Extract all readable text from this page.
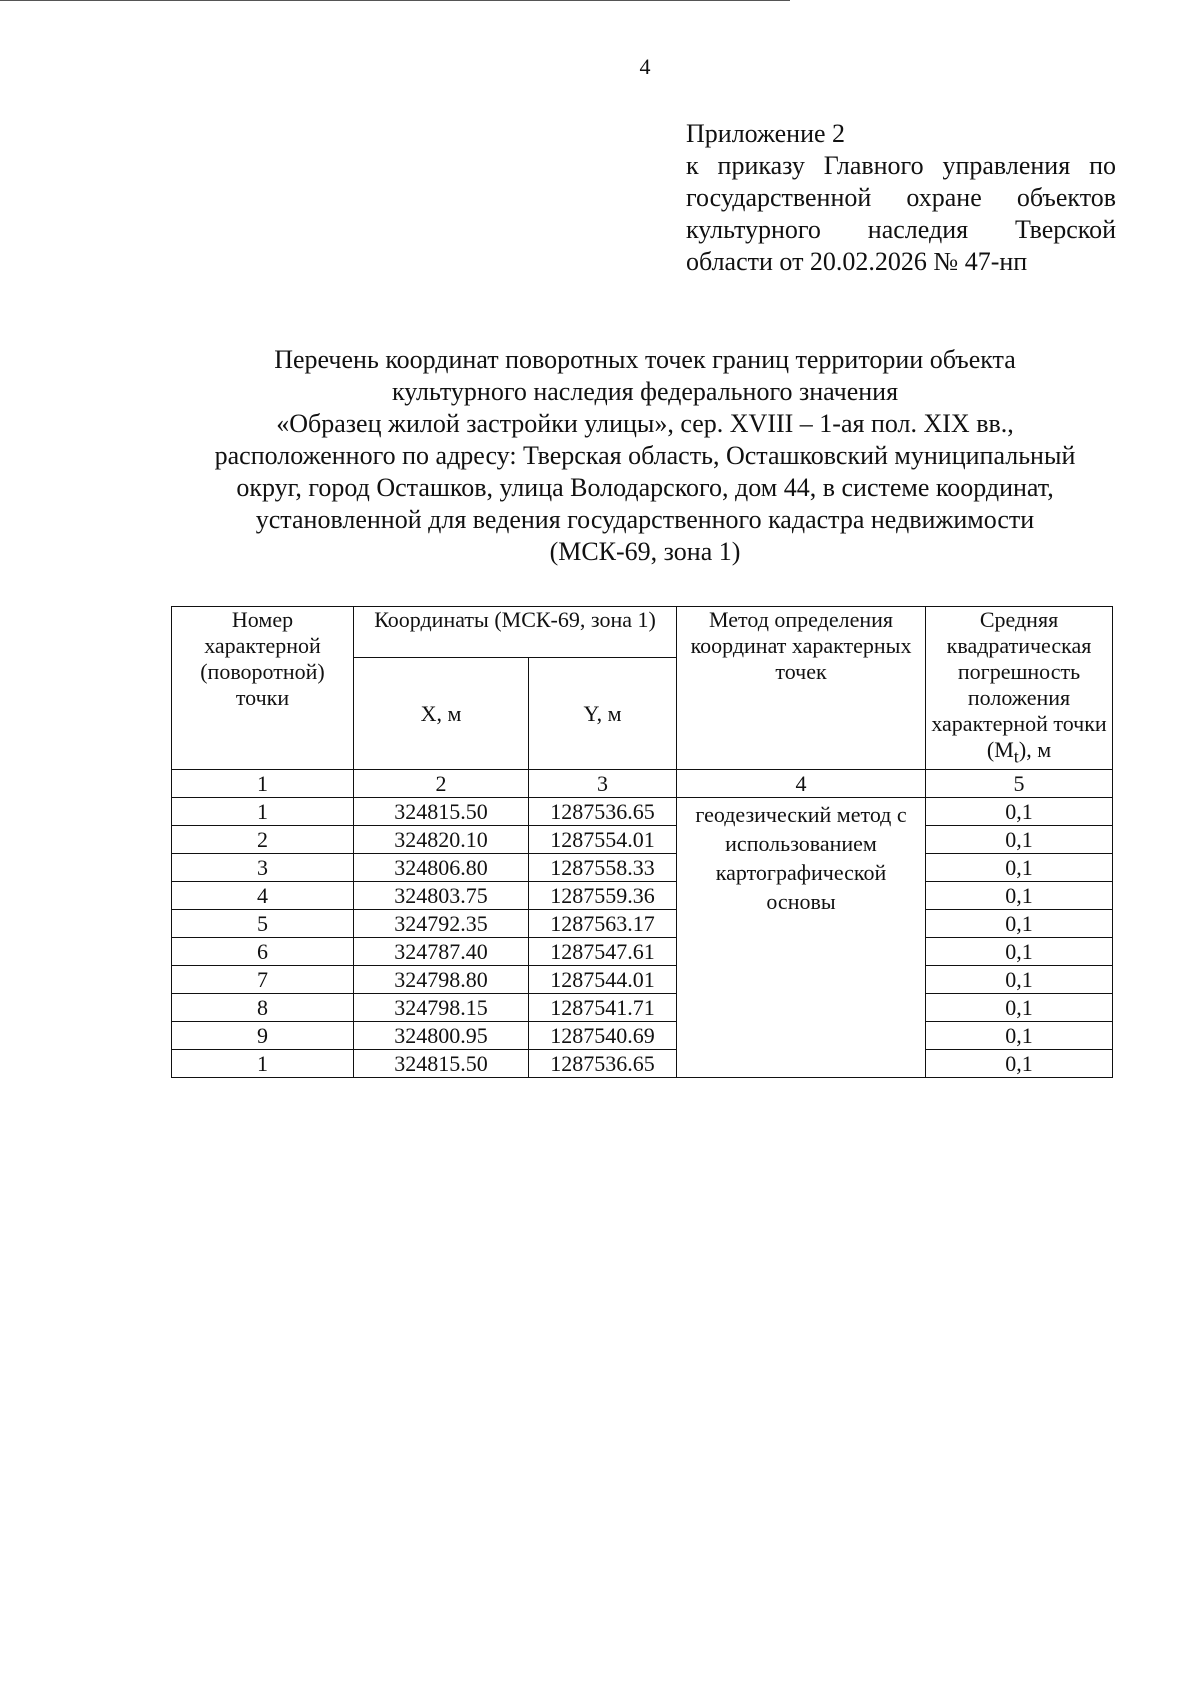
4
Приложение 2
к приказу Главного управления по государственной охране объектов культурного наследия Тверской области от 20.02.2026 № 47-нп
Перечень координат поворотных точек границ территории объекта
культурного наследия федерального значения
«Образец жилой застройки улицы», сер. XVIII – 1-ая пол. XIX вв.,
расположенного по адресу: Тверская область, Осташковский муниципальный
округ, город Осташков, улица Володарского, дом 44, в системе координат,
установленной для ведения государственного кадастра недвижимости
(МСК-69, зона 1)
Номер характерной (поворотной) точки	Координаты (МСК-69, зона 1)		Метод определения координат характерных точек	Средняя квадратическая погрешность положения характерной точки $(M_t)$, м
	X, м	Y, м		
1	2	3	4	5
1	324815.50	1287536.65	геодезический метод с использованием картографической основы	0,1
2	324820.10	1287554.01		0,1
3	324806.80	1287558.33		0,1
4	324803.75	1287559.36		0,1
5	324792.35	1287563.17		0,1
6	324787.40	1287547.61		0,1
7	324798.80	1287544.01		0,1
8	324798.15	1287541.71		0,1
9	324800.95	1287540.69		0,1
1	324815.50	1287536.65		0,1
